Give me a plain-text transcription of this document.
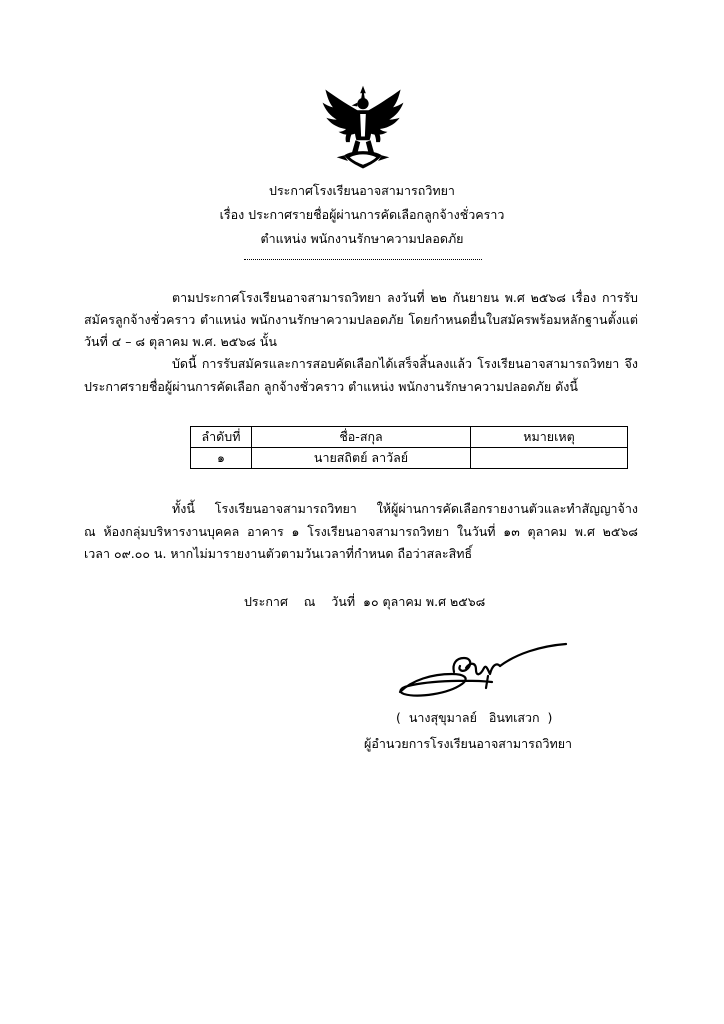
ประกาศโรงเรียนอาจสามารถวิทยา
เรื่อง ประกาศรายชื่อผู้ผ่านการคัดเลือกลูกจ้างชั่วคราว
ตำแหน่ง พนักงานรักษาความปลอดภัย
ตามประกาศโรงเรียนอาจสามารถวิทยา ลงวันที่ ๒๒ กันยายน พ.ศ ๒๕๖๘ เรื่อง การรับ
สมัครลูกจ้างชั่วคราว ตำแหน่ง พนักงานรักษาความปลอดภัย โดยกำหนดยื่นใบสมัครพร้อมหลักฐานตั้งแต่
วันที่ ๔ – ๘ ตุลาคม พ.ศ. ๒๕๖๘ นั้น
บัดนี้ การรับสมัครและการสอบคัดเลือกได้เสร็จสิ้นลงแล้ว โรงเรียนอาจสามารถวิทยา จึง
ประกาศรายชื่อผู้ผ่านการคัดเลือก ลูกจ้างชั่วคราว ตำแหน่ง พนักงานรักษาความปลอดภัย ดังนี้
ลำดับที่	ชื่อ-สกุล	หมายเหตุ
๑	นายสถิตย์ ลาวัลย์	
ทั้งนี้ โรงเรียนอาจสามารถวิทยา ให้ผู้ผ่านการคัดเลือกรายงานตัวและทำสัญญาจ้าง
ณ ห้องกลุ่มบริหารงานบุคคล อาคาร ๑ โรงเรียนอาจสามารถวิทยา ในวันที่ ๑๓ ตุลาคม พ.ศ ๒๕๖๘
เวลา ๐๙.๐๐ น. หากไม่มารายงานตัวตามวันเวลาที่กำหนด ถือว่าสละสิทธิ์
ประกาศ    ณ    วันที่  ๑๐ ตุลาคม พ.ศ ๒๕๖๘
(  นางสุขุมาลย์   อินทเสวก  )
ผู้อำนวยการโรงเรียนอาจสามารถวิทยา
